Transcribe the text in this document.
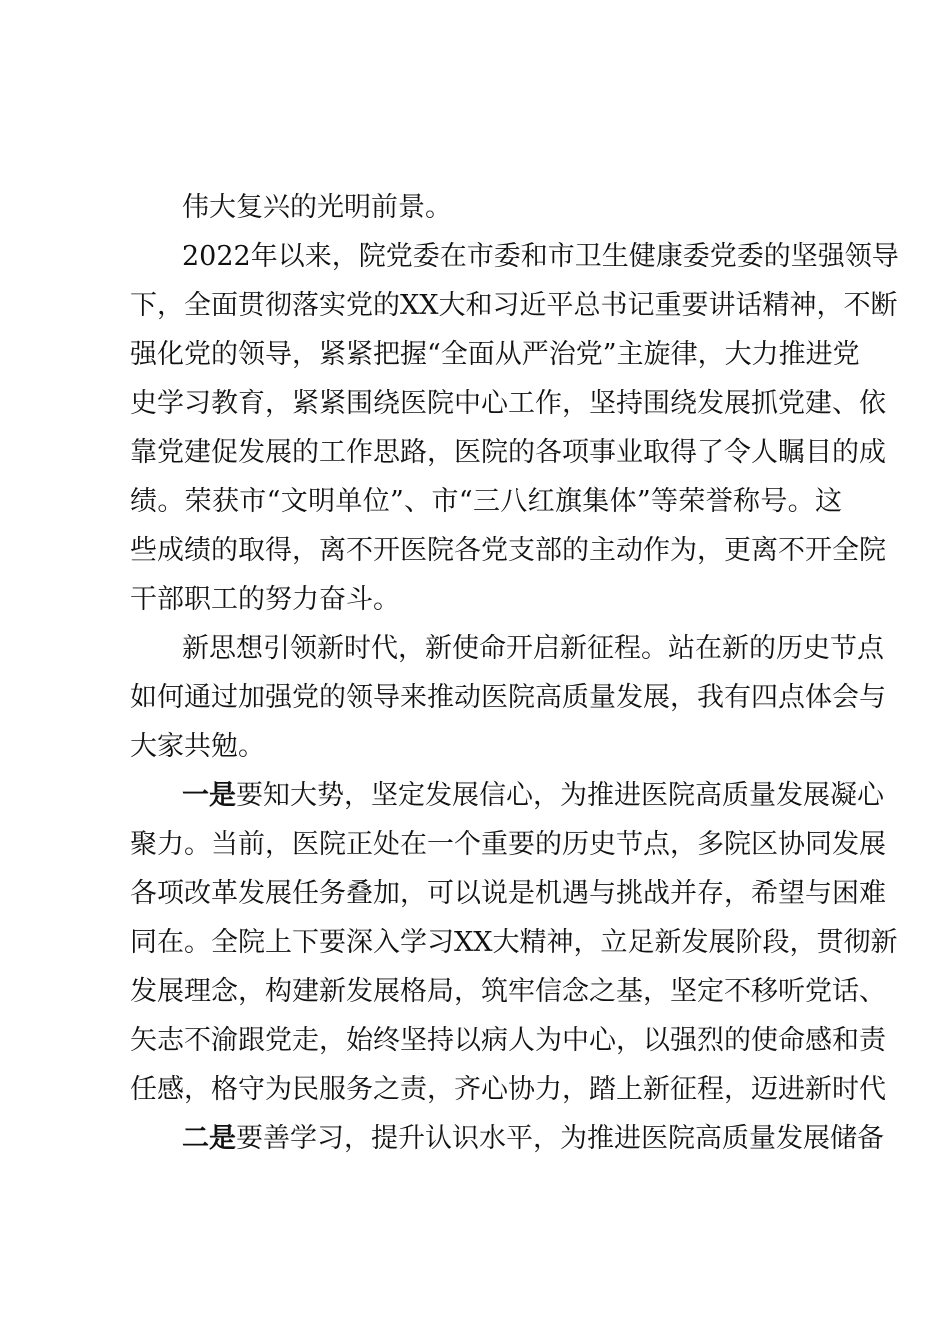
伟大复兴的光明前景。
2022年以来，院党委在市委和市卫生健康委党委的坚强领导
下，全面贯彻落实党的XX大和习近平总书记重要讲话精神，不断
强化党的领导，紧紧把握“全面从严治党”主旋律，大力推进党
史学习教育，紧紧围绕医院中心工作，坚持围绕发展抓党建、依
靠党建促发展的工作思路，医院的各项事业取得了令人瞩目的成
绩。荣获市“文明单位”、市“三八红旗集体”等荣誉称号。这
些成绩的取得，离不开医院各党支部的主动作为，更离不开全院
干部职工的努力奋斗。
新思想引领新时代，新使命开启新征程。站在新的历史节点
如何通过加强党的领导来推动医院高质量发展，我有四点体会与
大家共勉。
一是要知大势，坚定发展信心，为推进医院高质量发展凝心
聚力。当前，医院正处在一个重要的历史节点，多院区协同发展
各项改革发展任务叠加，可以说是机遇与挑战并存，希望与困难
同在。全院上下要深入学习XX大精神，立足新发展阶段，贯彻新
发展理念，构建新发展格局，筑牢信念之基，坚定不移听党话、
矢志不渝跟党走，始终坚持以病人为中心，以强烈的使命感和责
任感，格守为民服务之责，齐心协力，踏上新征程，迈进新时代
二是要善学习，提升认识水平，为推进医院高质量发展储备
